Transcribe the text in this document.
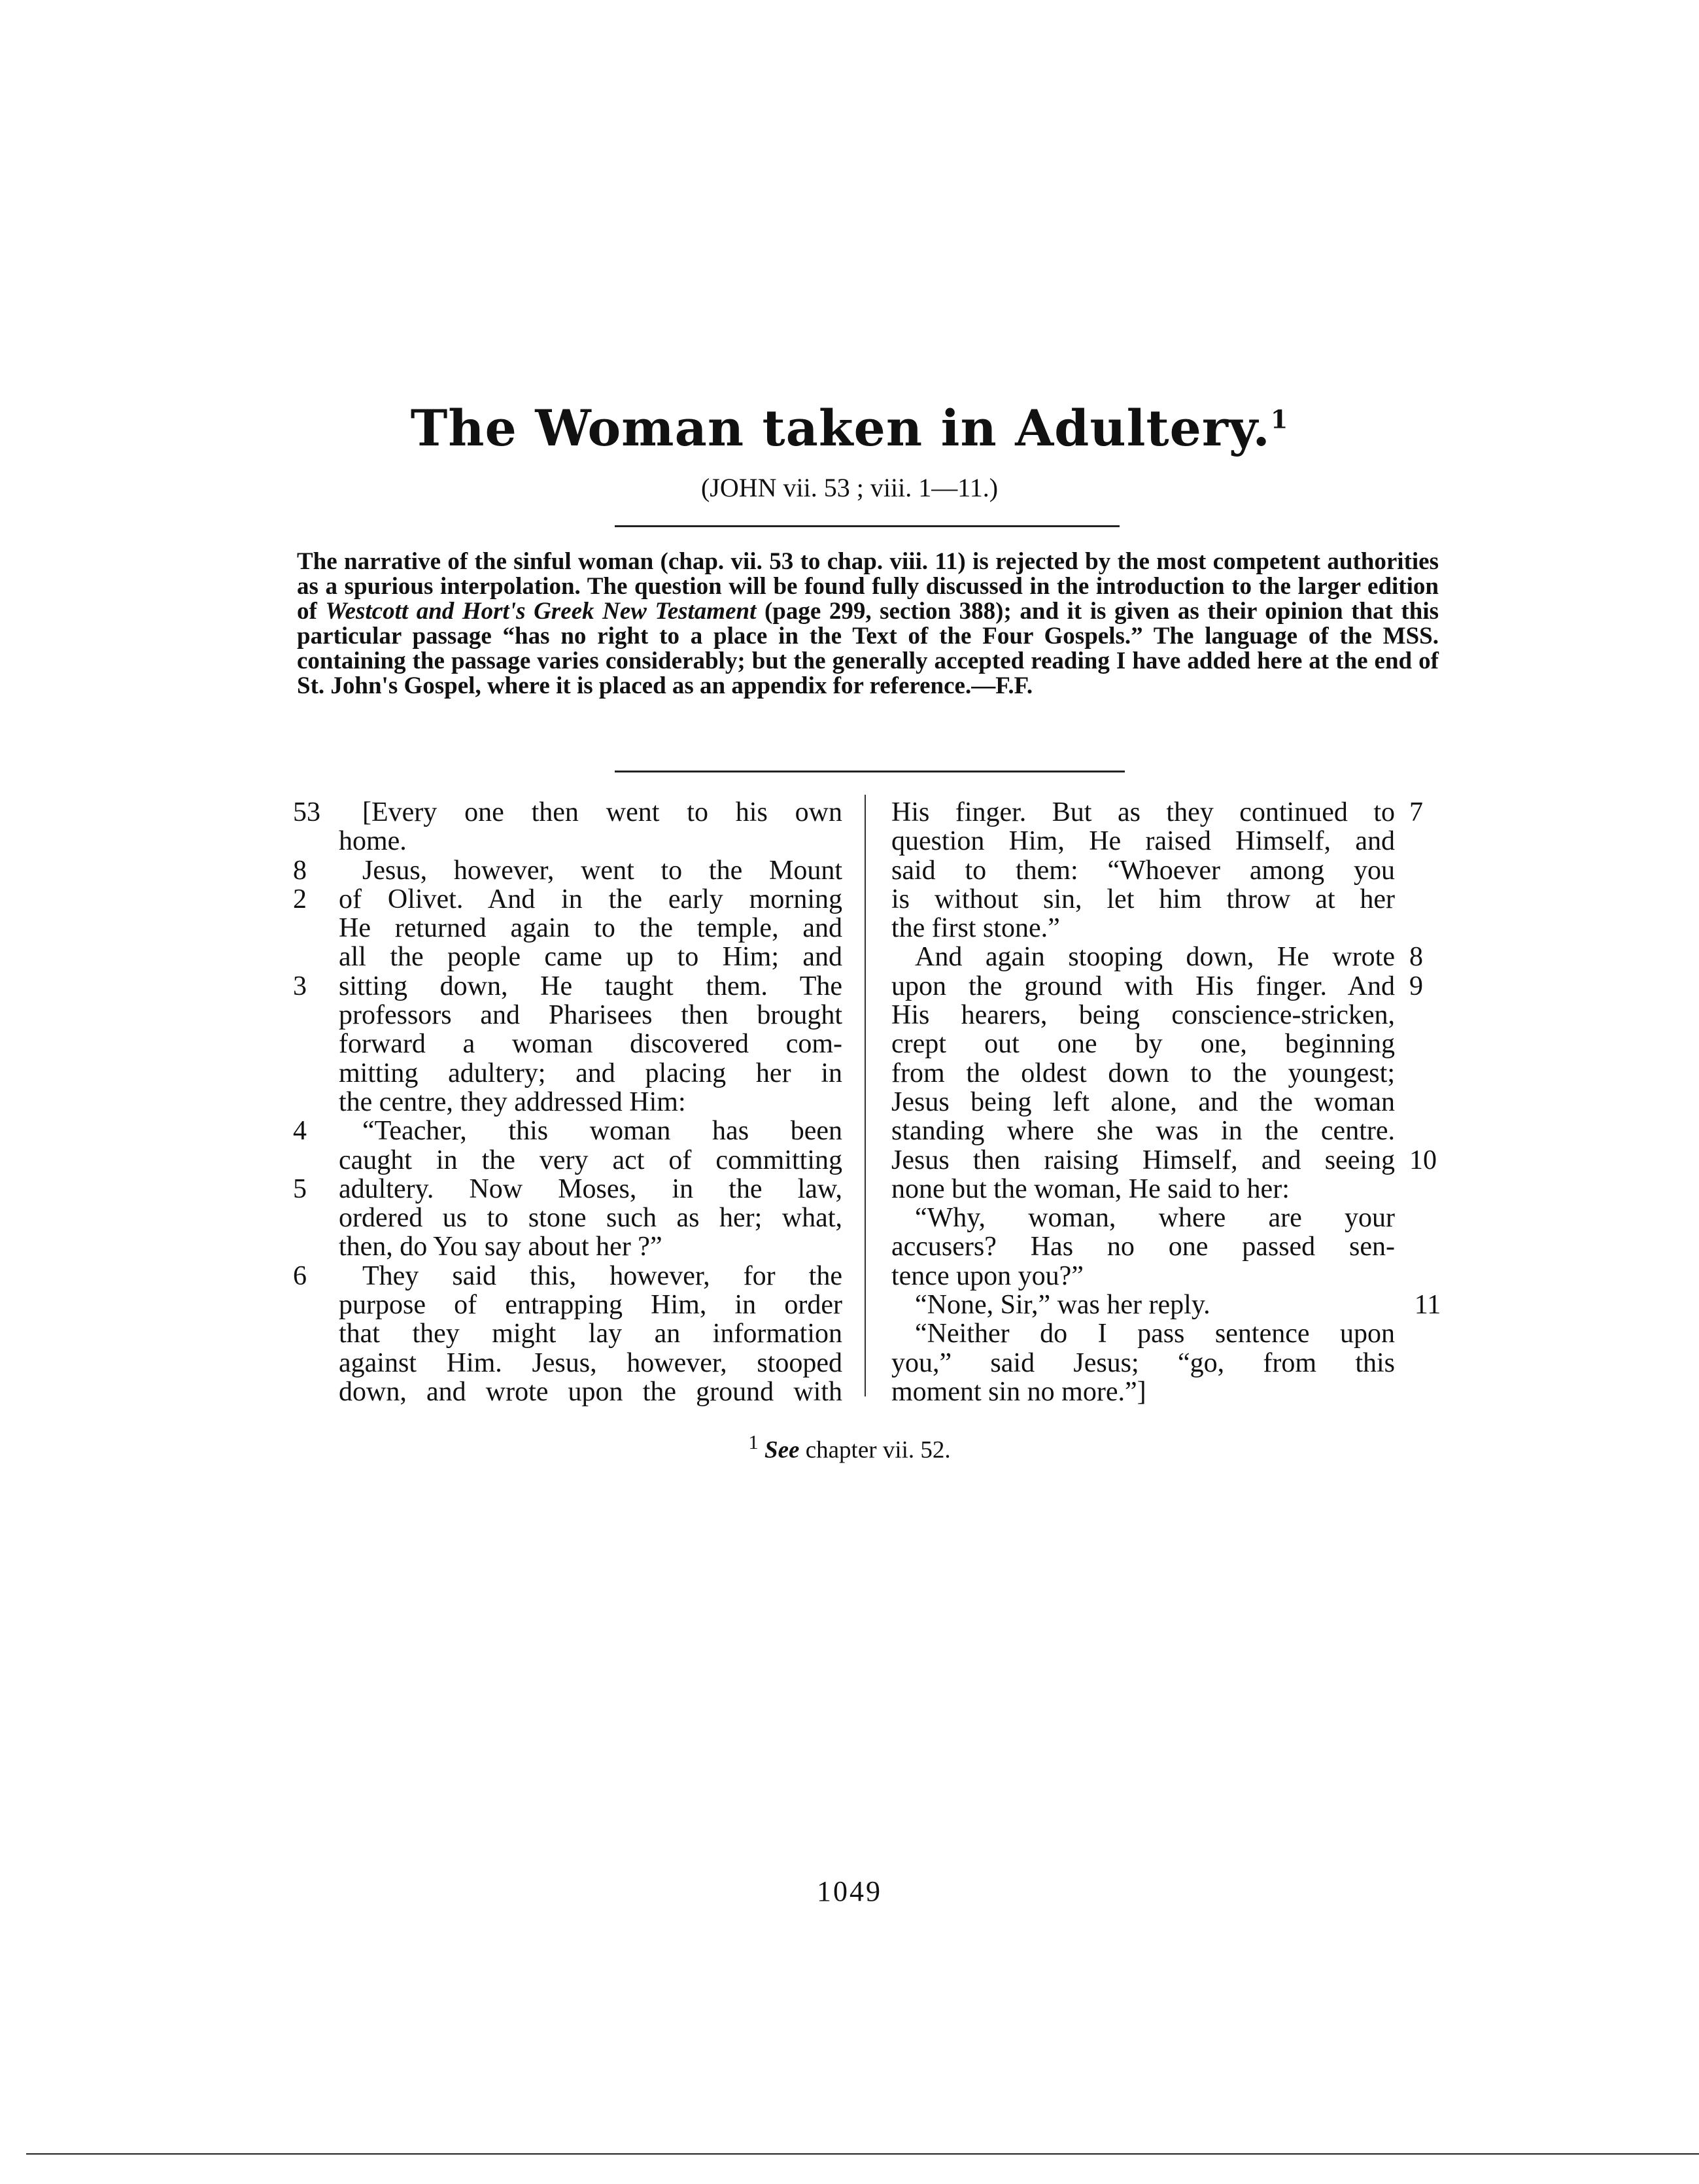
The Woman taken in Adultery.$^1$
(JOHN vii. 53 ; viii. 1—11.)
The narrative of the sinful woman (chap. vii. 53 to chap. viii. 11) is rejected by the most competent authorities as a spurious interpolation. The question will be found fully discussed in the introduction to the larger edition of Westcott and Hort's Greek New Testament (page 299, section 388); and it is given as their opinion that this particular passage “has no right to a place in the Text of the Four Gospels.” The language of the MSS. containing the passage varies considerably; but the generally accepted reading I have added here at the end of St. John's Gospel, where it is placed as an appendix for reference.—F.F.
53	[Every one then went to his own
home.
8	Jesus, however, went to the Mount
2	of Olivet. And in the early morning
He returned again to the temple, and
all the people came up to Him; and
3	sitting down, He taught them. The
professors and Pharisees then brought
forward a woman discovered com-
mitting adultery; and placing her in
the centre, they addressed Him:
4	“Teacher, this woman has been
caught in the very act of committing
5	adultery. Now Moses, in the law,
ordered us to stone such as her; what,
then, do You say about her ?”
6	They said this, however, for the
purpose of entrapping Him, in order
that they might lay an information
against Him. Jesus, however, stooped
down, and wrote upon the ground with
7
His finger. But as they continued to
question Him, He raised Himself, and
said to them: “Whoever among you
is without sin, let him throw at her
the first stone.”
8
And again stooping down, He wrote
9
upon the ground with His finger. And
His hearers, being conscience-stricken,
crept out one by one, beginning
from the oldest down to the youngest;
Jesus being left alone, and the woman
standing where she was in the centre.
10
Jesus then raising Himself, and seeing
none but the woman, He said to her:
“Why, woman, where are your
accusers? Has no one passed sen-
tence upon you?”
11
“None, Sir,” was her reply.
“Neither do I pass sentence upon
you,” said Jesus; “go, from this
moment sin no more.”]
$^1$ See chapter vii. 52.
1049
